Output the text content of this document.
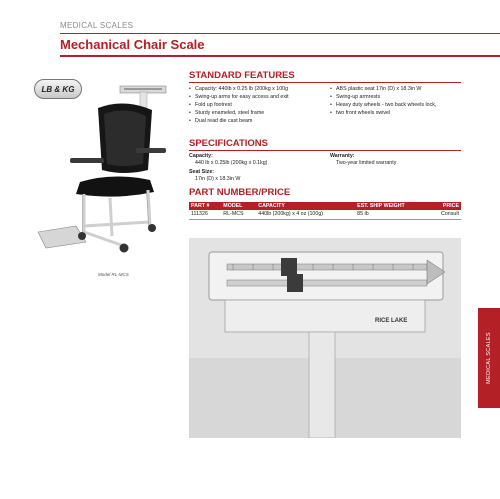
MEDICAL SCALES
Mechanical Chair Scale
LB & KG
Model RL-MCS
STANDARD FEATURES
• Capacity: 440lb x 0.25 lb (200kg x 100g
• Swing-up arms for easy access and exit
• Fold up footrest
• Sturdy enameled, steel frame
• Dual read die cast beam
• ABS plastic seat 17in (D) x 18.3in W
• Swing-up armrests
• Heavy duty wheels - two back wheels lock,
• two front wheels swivel
SPECIFICATIONS
Capacity:
440 lb x 0.25lb (200kg x 0.1kg)
Seat Size:
17in (D) x 18.3in W
Warranty:
Two-year limited warranty
PART NUMBER/PRICE
PART #	MODEL	CAPACITY	EST. SHIP WEIGHT	PRICE
111326	RL-MCS	440lb (200kg) x 4 oz (100g)	85 lb	Consult
RICE LAKE
MEDICAL SCALES
